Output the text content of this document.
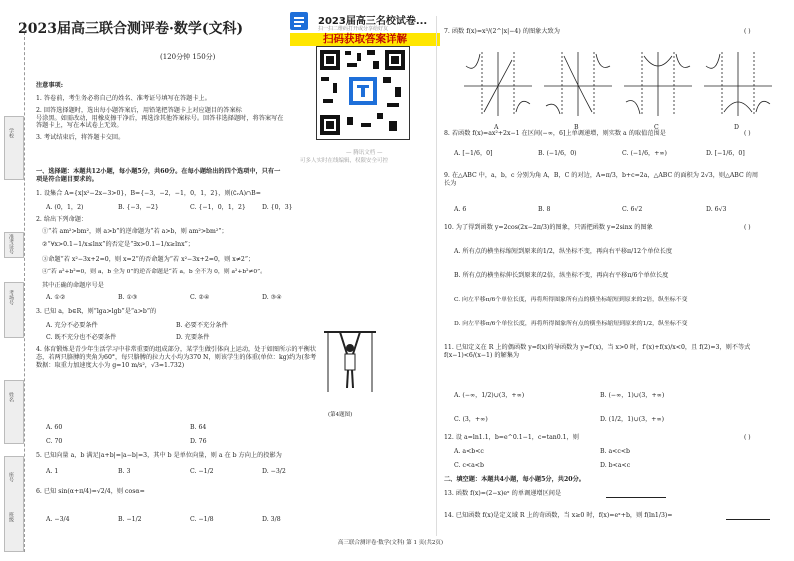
学校
准考证号
考场号
姓名
座号
班级
2023届高三联合测评卷·数学(文科)
(120分钟 150分)
2023届高三名校试卷...
扫一扫二维码打开或分享给好友
扫码获取答案详解
— 腾讯文档 —
可多人实时在线编辑，权限安全可控
注意事项:
1. 答卷前，考生务必将自己的姓名、准考证号填写在答题卡上。
2. 回答选择题时，选出每小题答案后，用铅笔把答题卡上对应题目的答案标
号涂黑。如需改动，用橡皮擦干净后，再选涂其他答案标号。回答非选择题时，将答案写在答题卡上，写在本试卷上无效。
3. 考试结束后，将答题卡交回。
一、选择题：本题共12小题，每小题5分，共60分。在每小题给出的四个选项中，只有一项是符合题目要求的。
1. 设集合 A={x|x²−2x−3>0}，B={−3，−2，−1，0，1，2}，则(∁ᵣA)∩B=
A. (0，1，2)	B. {−3，−2}	C. {−1，0，1，2}	D. {0，3}
2. 给出下列命题：
①“若 am²>bm²，则 a>b”的逆命题为“若 a>b，则 am²>bm²”；
②“∀x>0.1−1/x≤lnx”的否定是“∃x>0.1−1/x≥lnx”；
③命题“若 x²−3x+2=0，则 x=2”的否命题为“若 x²−3x+2=0，则 x≠2”；
④“若 a²+b²=0，则 a，b 全为 0”的逆否命题是“若 a，b 全不为 0，则 a²+b²≠0”。
其中正确的命题序号是
A. ①②	B. ①③	C. ②④	D. ③④
3. 已知 a，b∈R，则“lga>lgb”是“a>b”的
A. 充分不必要条件	B. 必要不充分条件
C. 既不充分也不必要条件	D. 充要条件
4. 体育锻炼是青少年生活学习中非常重要的组成部分，某学生做引体向上运动，处于如图所示的平衡状态，若两只胳膊的夹角为60°，每只胳膊的拉力大小均为370 N，则该学生的体重(单位：kg)约为(参考数据：取重力加速度大小为 g=10 m/s²，√3≈1.732)
(第4题图)
A. 60	B. 64
C. 70	D. 76
5. 已知向量 a，b 满足|a+b|=|a−b|=3，其中 b 是单位向量，则 a 在 b 方向上的投影为
A. 1	B. 3	C. −1/2	D. −3/2
6. 已知 sin(α+π/4)=√2/4，则 cosα=
A. −3/4	B. −1/2	C. −1/8	D. 3/8
7. 函数 f(x)=x³/(2^|x|−4) 的图象大致为	( )
A	B	C	D
8. 若函数 f(x)=ax²+2x−1 在区间(−∞，6]上单调递增，则实数 a 的取值范围是	( )
A. [−1/6，0]	B. (−1/6，0)	C. (−1/6，+∞)	D. [−1/6，0]
9. 在△ABC 中，a，b，c 分别为角 A，B，C 的对边，A=π/3，b+c=2a，△ABC 的面积为 2√3，则△ABC 的周长为
A. 6	B. 8	C. 6√2	D. 6√3
10. 为了得到函数 y=2cos(2x−2π/3)的图象，只需把函数 y=2sinx 的图象	( )
A. 所有点的横坐标缩短到原来的1/2，纵坐标不变，再向右平移π/12个单位长度
B. 所有点的横坐标伸长到原来的2倍，纵坐标不变，再向右平移π/6个单位长度
C. 向左平移π/6个单位长度，再将所得图象所有点的横坐标缩短到原来的2倍，纵坐标不变
D. 向左平移π/6个单位长度，再将所得图象所有点的横坐标缩短到原来的1/2，纵坐标不变
11. 已知定义在 R 上的偶函数 y=f(x)的导函数为 y=f′(x)，当 x>0 时，f′(x)+f(x)/x<0，且 f(2)=3，则不等式 f(x−1)<6/(x−1) 的解集为
A. (−∞，1/2)∪(3，+∞)	B. (−∞，1)∪(3，+∞)
C. (3，+∞)	D. (1/2，1)∪(3，+∞)
12. 设 a=ln1.1，b=e^0.1−1，c=tan0.1，则	( )
A. a<b<c	B. a<c<b
C. c<a<b	D. b<a<c
二、填空题：本题共4小题，每小题5分，共20分。
13. 函数 f(x)=(2−x)eˣ 的单调递增区间是
14. 已知函数 f(x)是定义域 R 上的奇函数，当 x≥0 时，f(x)=eˣ+b，则 f(ln1/3)=
高三联合测评卷·数学(文科) 第 1 页(共2页)
